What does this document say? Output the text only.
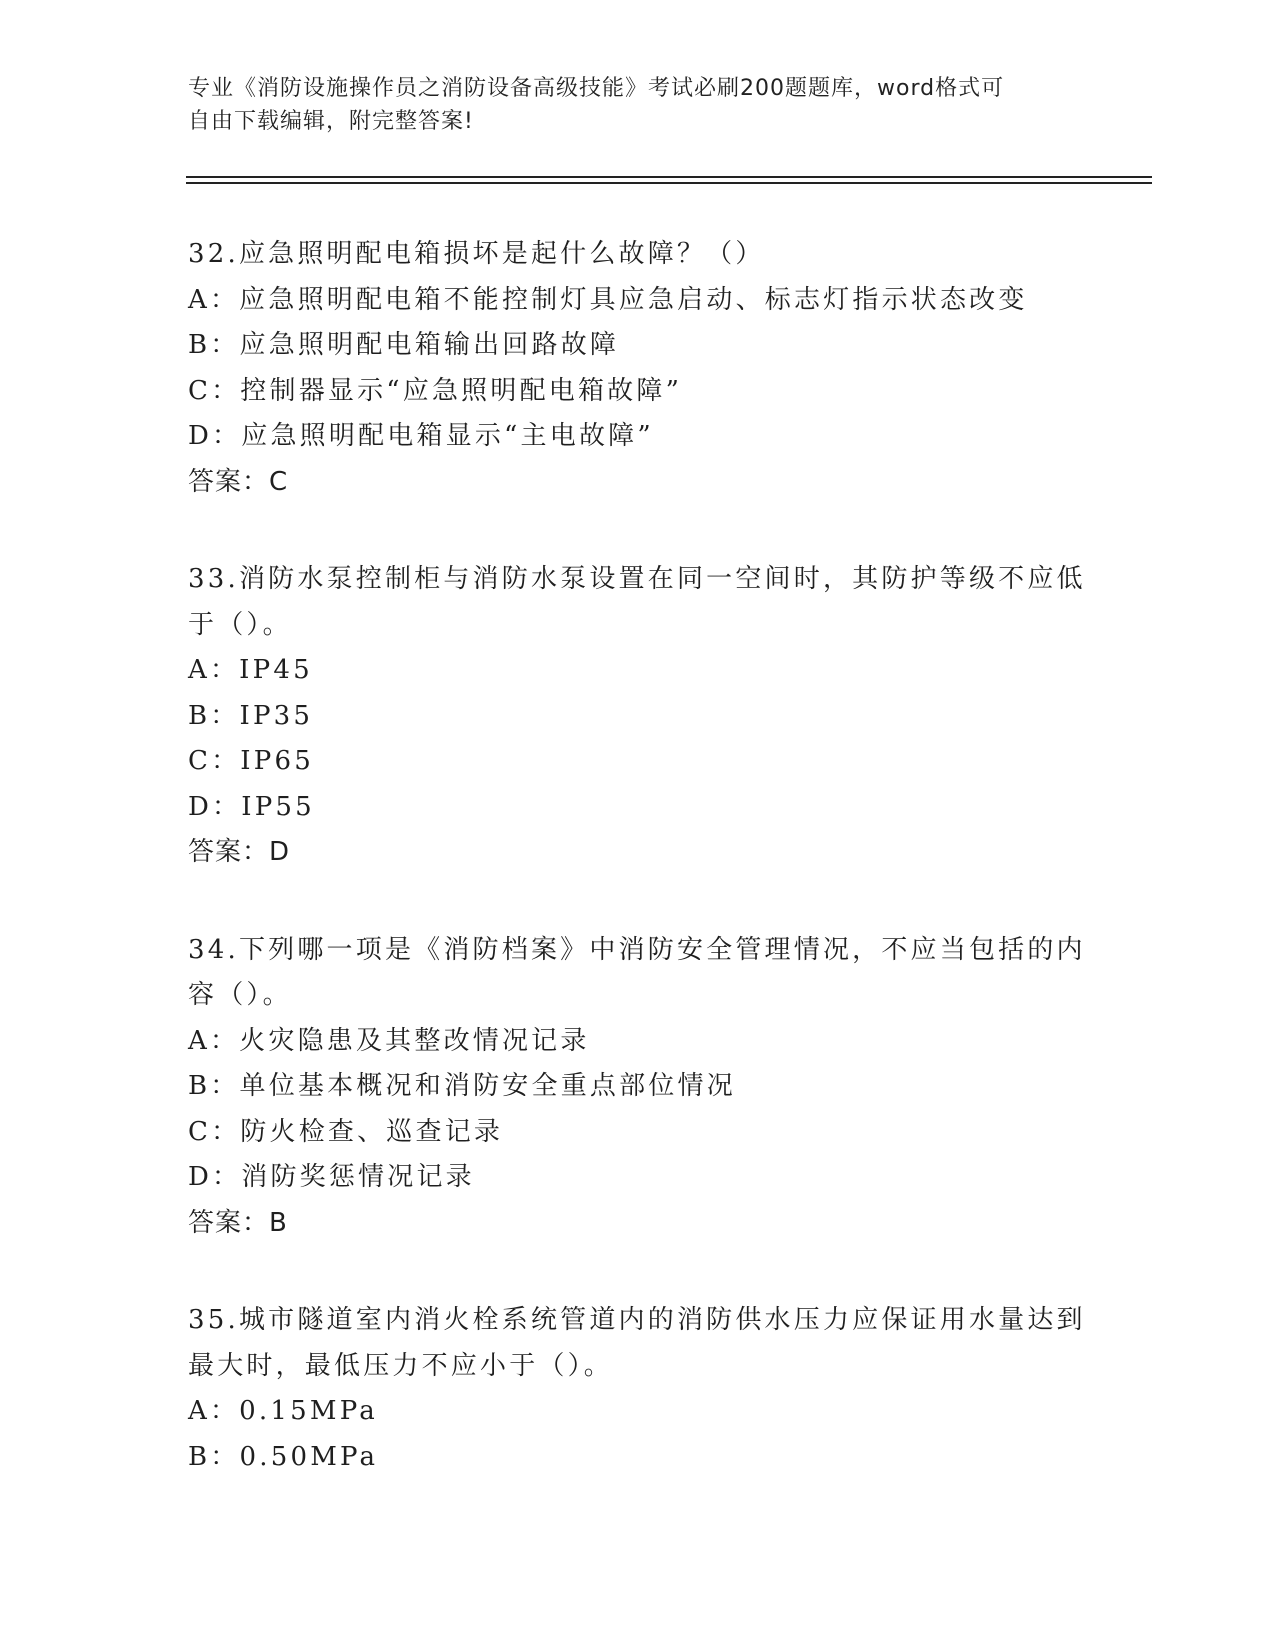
专业《消防设施操作员之消防设备高级技能》考试必刷200题题库，word格式可
自由下载编辑，附完整答案!
32.应急照明配电箱损坏是起什么故障？（）
A：应急照明配电箱不能控制灯具应急启动、标志灯指示状态改变
B：应急照明配电箱输出回路故障
C：控制器显示“应急照明配电箱故障”
D：应急照明配电箱显示“主电故障”
答案：C
33.消防水泵控制柜与消防水泵设置在同一空间时，其防护等级不应低
于（）。
A：IP45
B：IP35
C：IP65
D：IP55
答案：D
34.下列哪一项是《消防档案》中消防安全管理情况，不应当包括的内
容（）。
A：火灾隐患及其整改情况记录
B：单位基本概况和消防安全重点部位情况
C：防火检查、巡查记录
D：消防奖惩情况记录
答案：B
35.城市隧道室内消火栓系统管道内的消防供水压力应保证用水量达到
最大时，最低压力不应小于（）。
A：0.15MPa
B：0.50MPa
